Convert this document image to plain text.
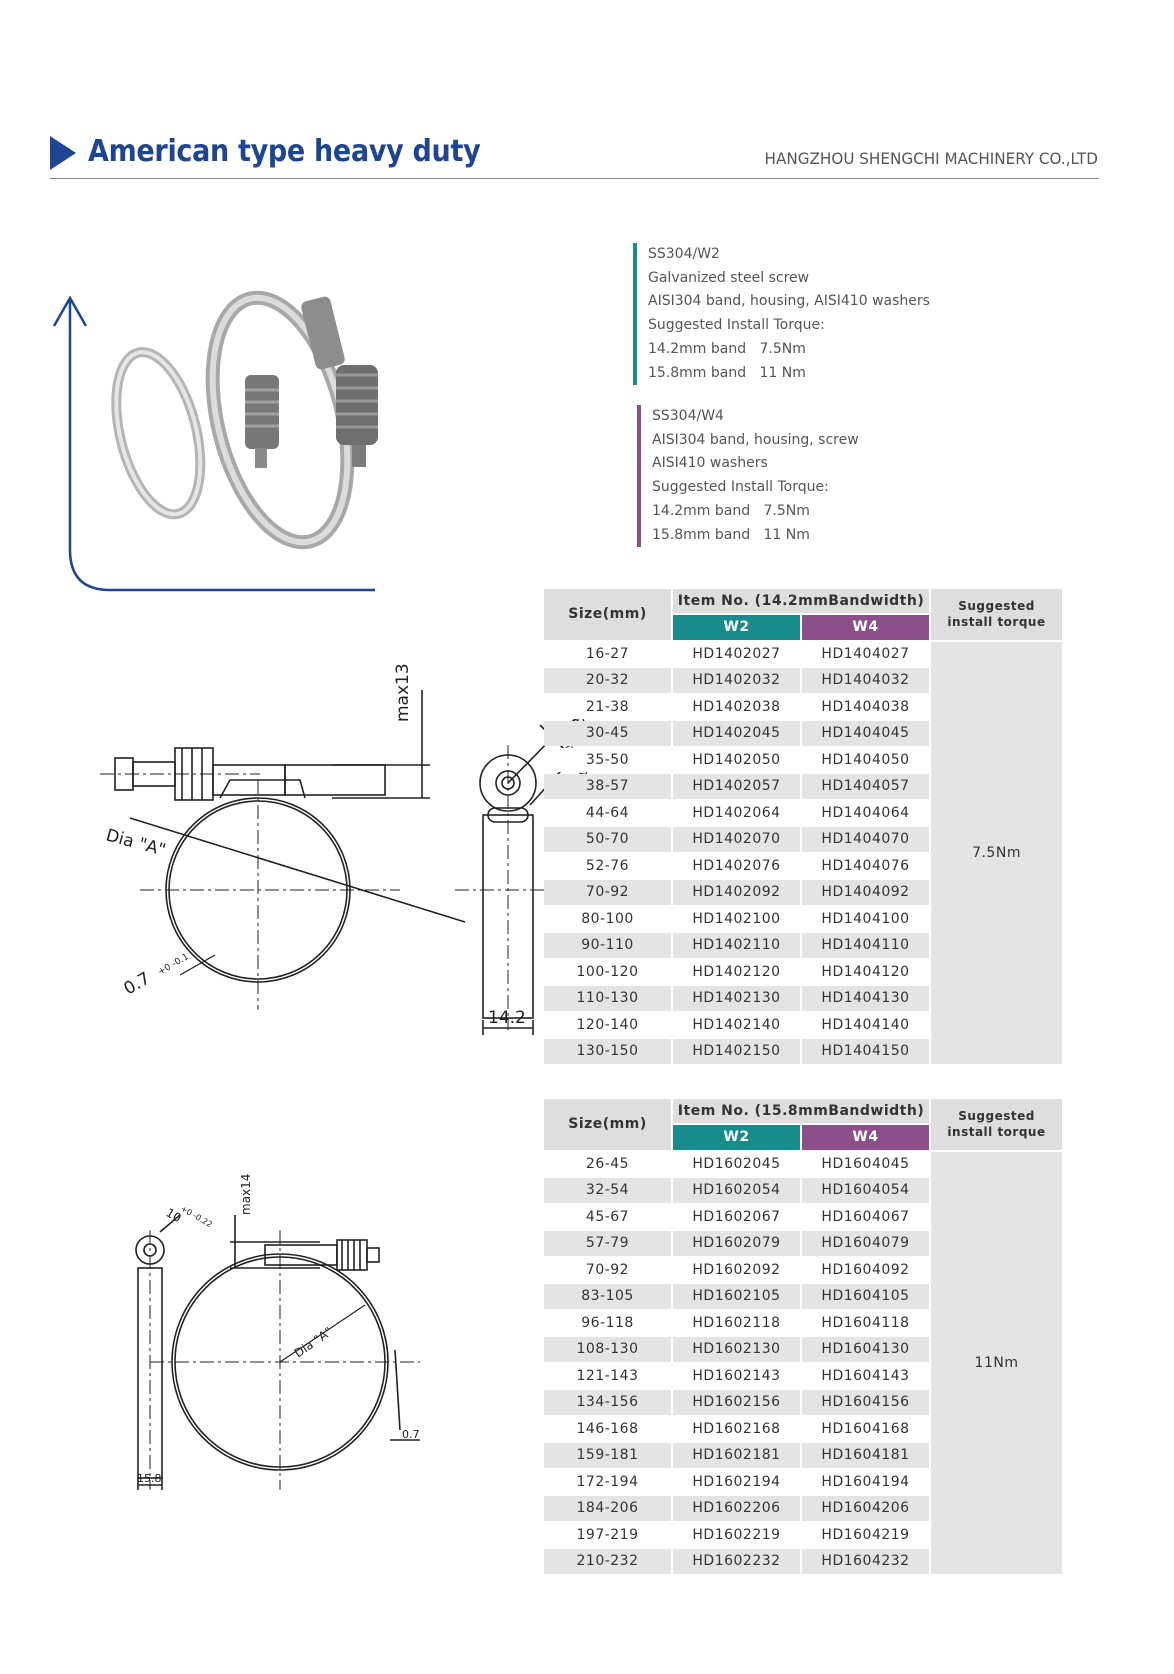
American type heavy duty	HANGZHOU SHENGCHI MACHINERY CO.,LTD
SS304/W2
Galvanized steel screw
AISI304 band, housing, AISI410 washers
Suggested Install Torque:
14.2mm band   7.5Nm
15.8mm band   11 Nm
SS304/W4
AISI304 band, housing, screw
AISI410 washers
Suggested Install Torque:
14.2mm band   7.5Nm
15.8mm band   11 Nm
max13
Dia "A"
0.7
+0 -0.1
14.2
max14
10
+0 -0.22
Dia "A"
0.7
15.8
Size(mm)	Item No. (14.2mmBandwidth)		Suggested
install torque
	W2	W4	
16-27	HD1402027	HD1404027	7.5Nm
20-32	HD1402032	HD1404032	
21-38	HD1402038	HD1404038	
30-45	HD1402045	HD1404045	
35-50	HD1402050	HD1404050	
38-57	HD1402057	HD1404057	
44-64	HD1402064	HD1404064	
50-70	HD1402070	HD1404070	
52-76	HD1402076	HD1404076	
70-92	HD1402092	HD1404092	
80-100	HD1402100	HD1404100	
90-110	HD1402110	HD1404110	
100-120	HD1402120	HD1404120	
110-130	HD1402130	HD1404130	
120-140	HD1402140	HD1404140	
130-150	HD1402150	HD1404150	
Size(mm)	Item No. (15.8mmBandwidth)		Suggested
install torque
	W2	W4	
26-45	HD1602045	HD1604045	11Nm
32-54	HD1602054	HD1604054	
45-67	HD1602067	HD1604067	
57-79	HD1602079	HD1604079	
70-92	HD1602092	HD1604092	
83-105	HD1602105	HD1604105	
96-118	HD1602118	HD1604118	
108-130	HD1602130	HD1604130	
121-143	HD1602143	HD1604143	
134-156	HD1602156	HD1604156	
146-168	HD1602168	HD1604168	
159-181	HD1602181	HD1604181	
172-194	HD1602194	HD1604194	
184-206	HD1602206	HD1604206	
197-219	HD1602219	HD1604219	
210-232	HD1602232	HD1604232	
